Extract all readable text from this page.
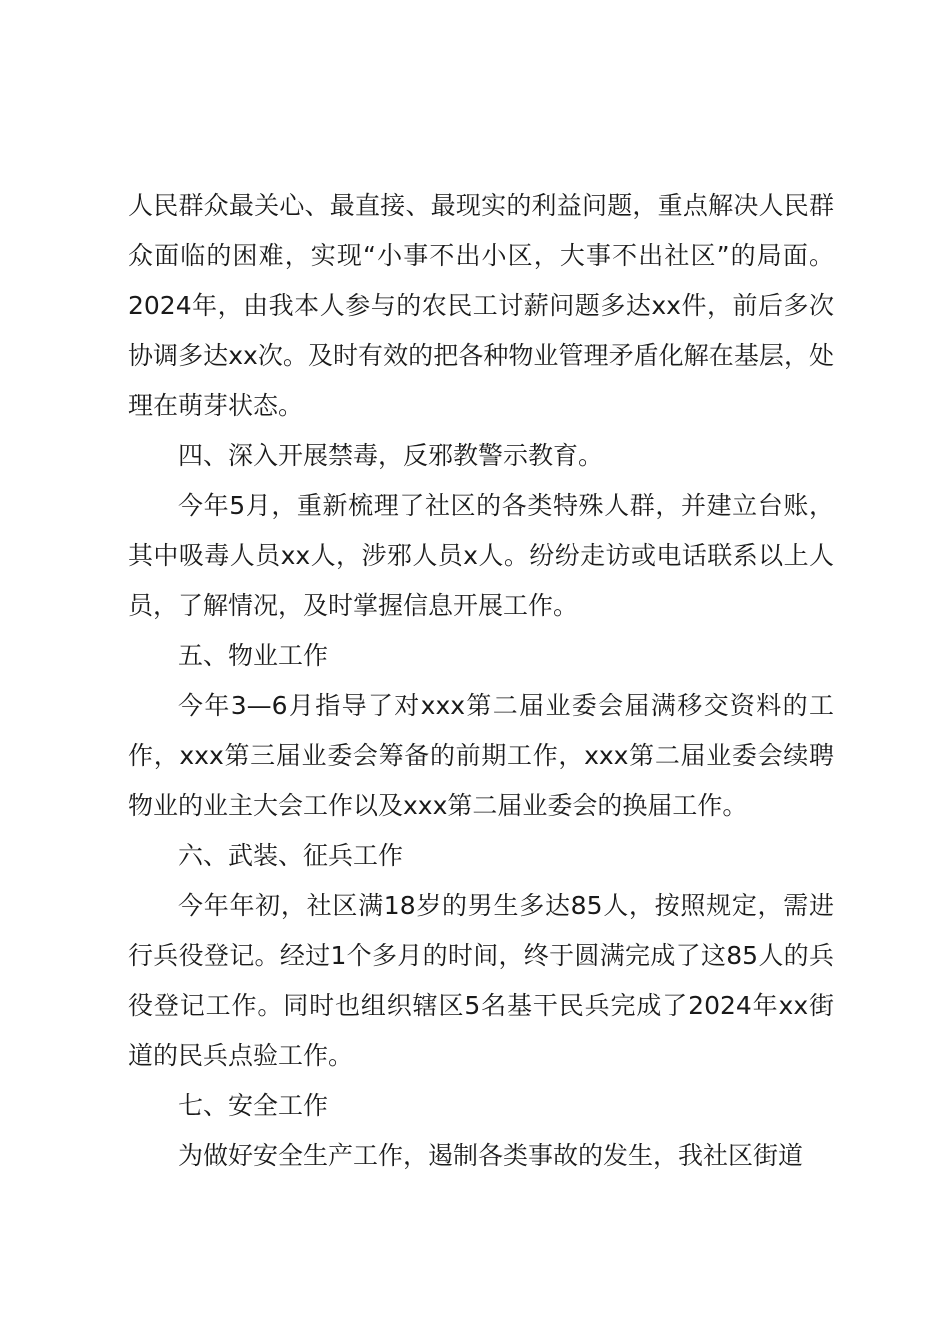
人民群众最关心、最直接、最现实的利益问题，重点解决人民群众面临的困难，实现“小事不出小区，大事不出社区”的局面。2024年，由我本人参与的农民工讨薪问题多达xx件，前后多次协调多达xx次。及时有效的把各种物业管理矛盾化解在基层，处理在萌芽状态。

四、深入开展禁毒，反邪教警示教育。

今年5月，重新梳理了社区的各类特殊人群，并建立台账，其中吸毒人员xx人，涉邪人员x人。纷纷走访或电话联系以上人员，了解情况，及时掌握信息开展工作。

五、物业工作

今年3—6月指导了对xxx第二届业委会届满移交资料的工作，xxx第三届业委会筹备的前期工作，xxx第二届业委会续聘物业的业主大会工作以及xxx第二届业委会的换届工作。

六、武装、征兵工作

今年年初，社区满18岁的男生多达85人，按照规定，需进行兵役登记。经过1个多月的时间，终于圆满完成了这85人的兵役登记工作。同时也组织辖区5名基干民兵完成了2024年xx街道的民兵点验工作。

七、安全工作

为做好安全生产工作，遏制各类事故的发生，我社区街道
